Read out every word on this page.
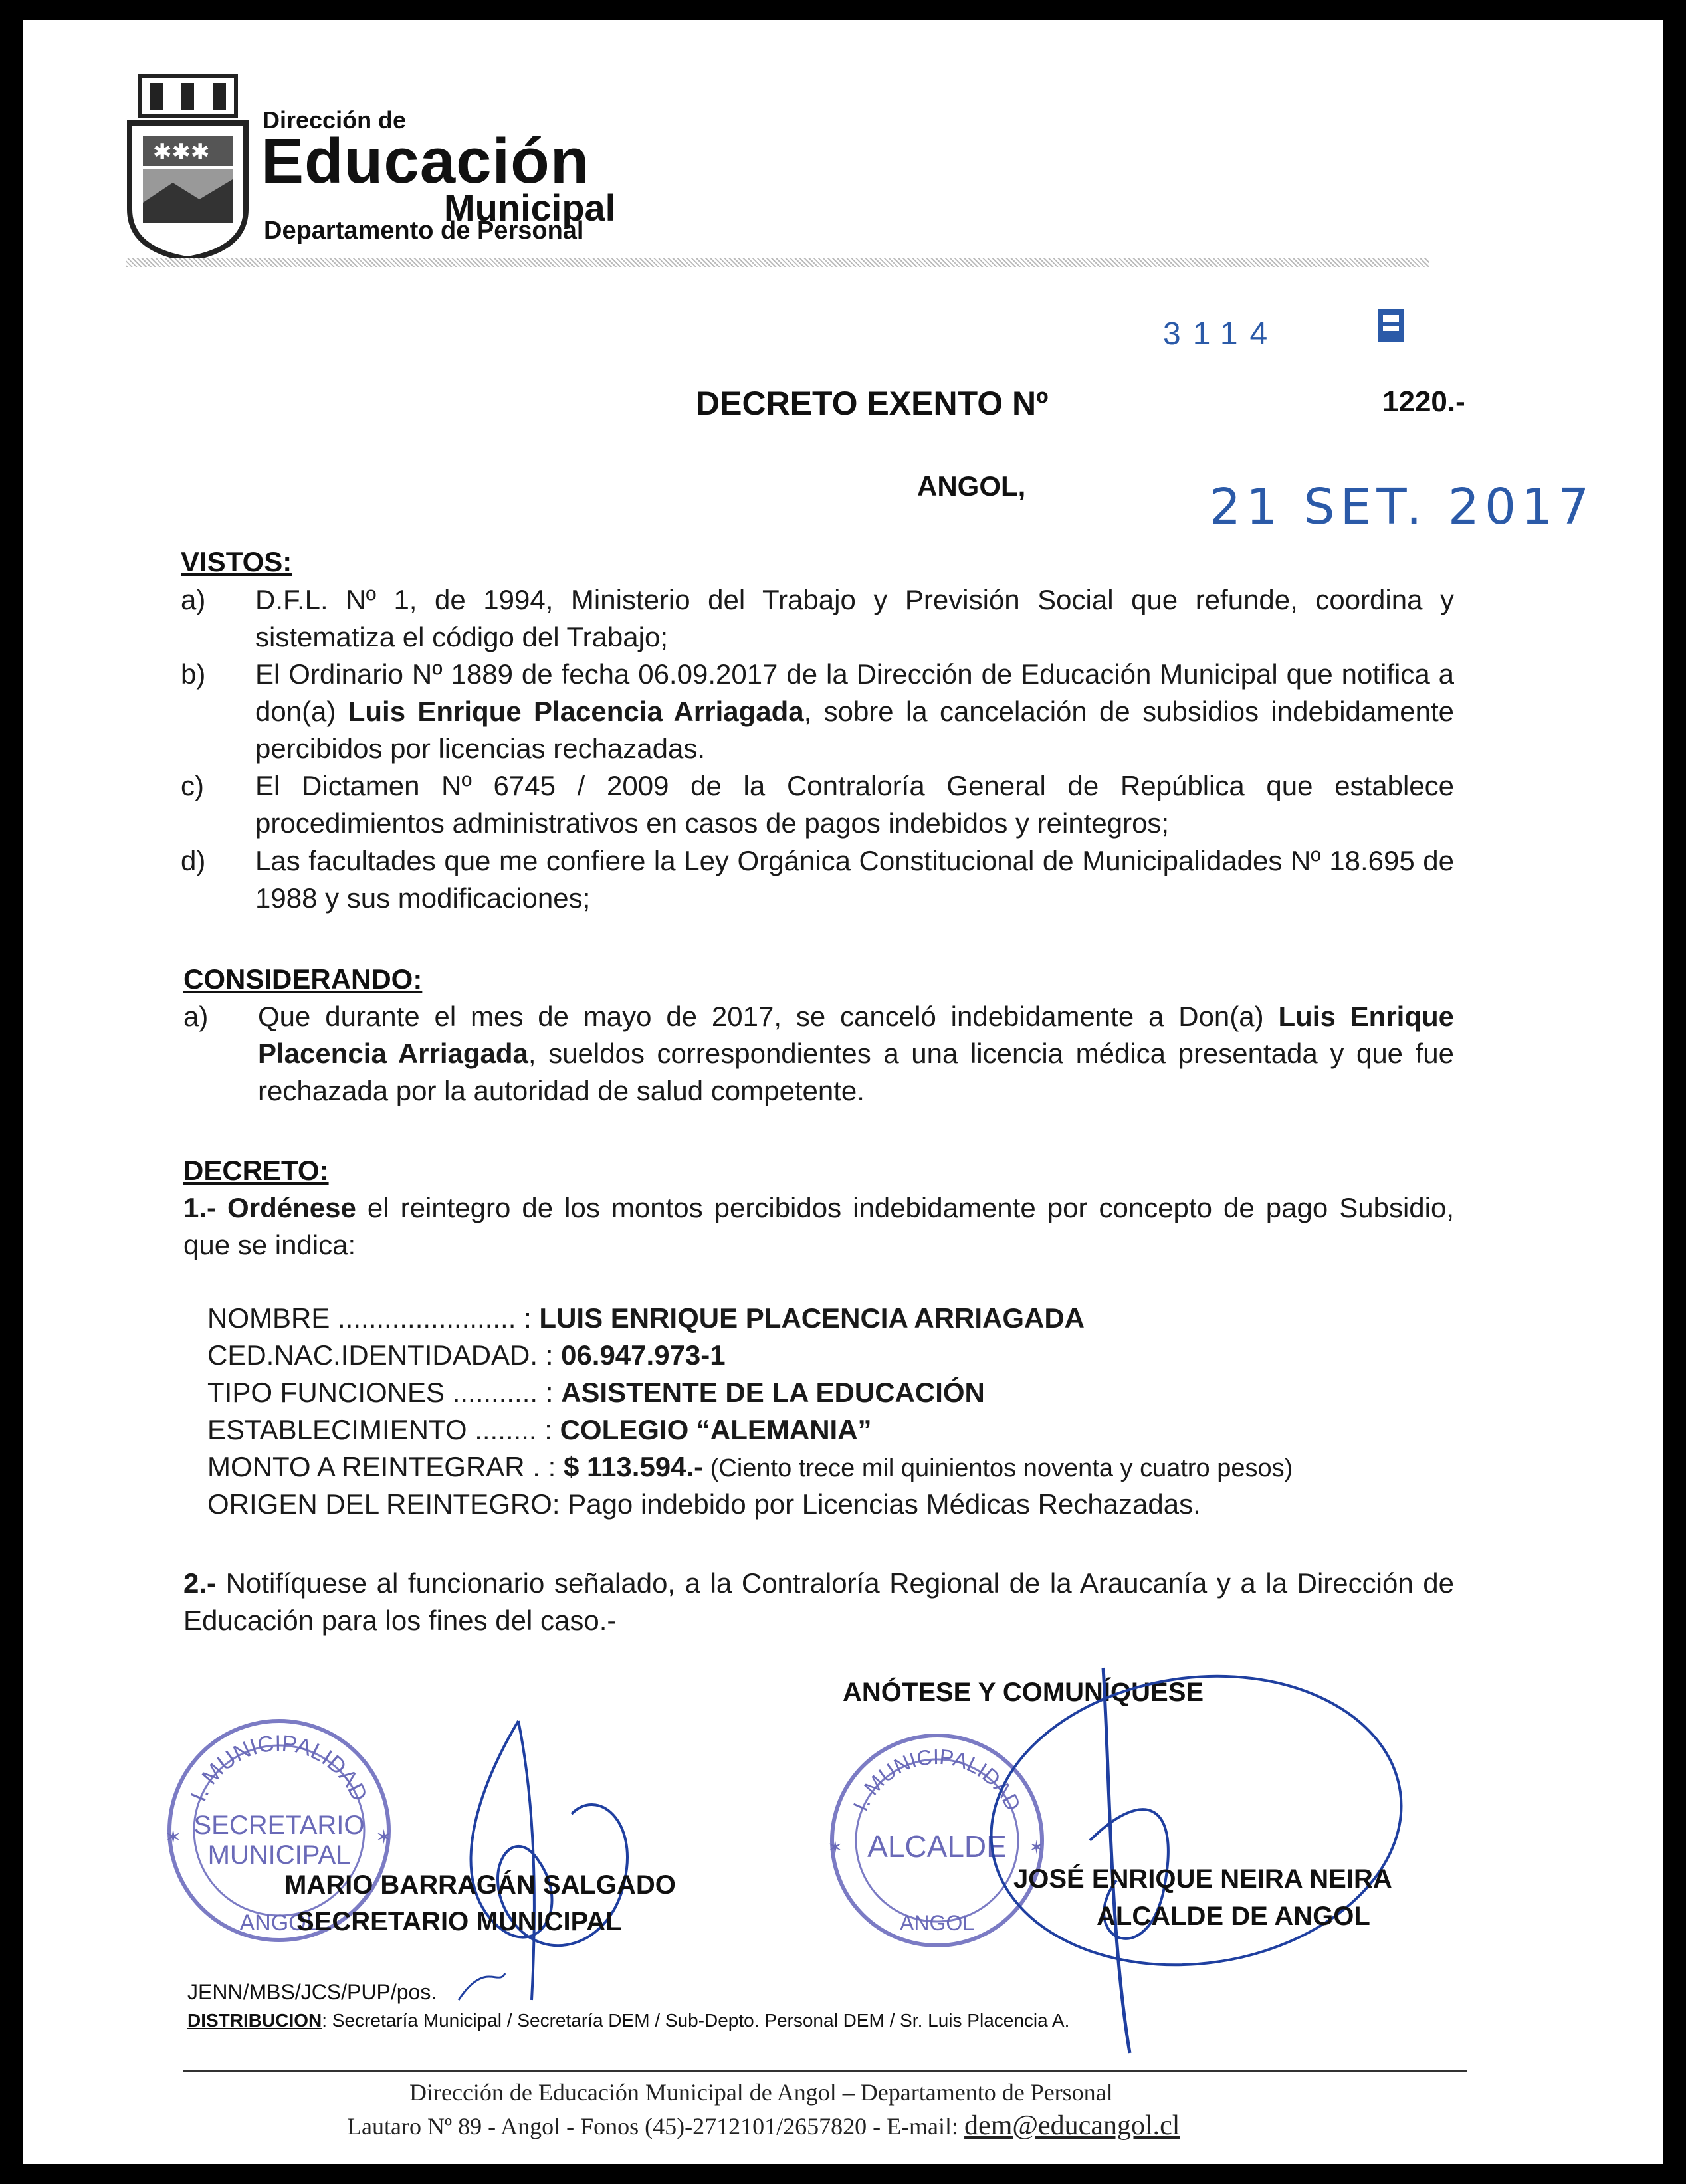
✱✱✱
Dirección de
Educación
Municipal
Departamento de Personal
3114
DECRETO EXENTO Nº	1220.-
ANGOL,	21 SET. 2017
VISTOS:
a) D.F.L. Nº 1, de 1994, Ministerio del Trabajo y Previsión Social que refunde, coordina y sistematiza el código del Trabajo;
b) El Ordinario Nº 1889 de fecha 06.09.2017 de la Dirección de Educación Municipal que notifica a don(a) Luis Enrique Placencia Arriagada, sobre la cancelación de subsidios indebidamente percibidos por licencias rechazadas.
c) El Dictamen Nº 6745 / 2009 de la Contraloría General de República que establece procedimientos administrativos en casos de pagos indebidos y reintegros;
d) Las facultades que me confiere la Ley Orgánica Constitucional de Municipalidades Nº 18.695 de 1988 y sus modificaciones;
CONSIDERANDO:
a) Que durante el mes de mayo de 2017, se canceló indebidamente a Don(a) Luis Enrique Placencia Arriagada, sueldos correspondientes a una licencia médica presentada y que fue rechazada por la autoridad de salud competente.
DECRETO:
1.- Ordénese el reintegro de los montos percibidos indebidamente por concepto de pago Subsidio, que se indica:
NOMBRE ....................... : LUIS ENRIQUE PLACENCIA ARRIAGADA
CED.NAC.IDENTIDADAD. : 06.947.973-1
TIPO FUNCIONES ........... : ASISTENTE DE LA EDUCACIÓN
ESTABLECIMIENTO ........ : COLEGIO “ALEMANIA”
MONTO A REINTEGRAR . : $ 113.594.- (Ciento trece mil quinientos noventa y cuatro pesos)
ORIGEN DEL REINTEGRO: Pago indebido por Licencias Médicas Rechazadas.
2.- Notifíquese al funcionario señalado, a la Contraloría Regional de la Araucanía y a la Dirección de Educación para los fines del caso.-
ANÓTESE Y COMUNÍQUESE
I. MUNICIPALIDAD
SECRETARIO
MUNICIPAL
ANGOL
✶	✶
I. MUNICIPALIDAD
ALCALDE
ANGOL
✶	✶
MARIO BARRAGÁN SALGADO
SECRETARIO MUNICIPAL
JOSÉ ENRIQUE NEIRA NEIRA
ALCALDE DE ANGOL
JENN/MBS/JCS/PUP/pos.
DISTRIBUCION: Secretaría Municipal / Secretaría DEM / Sub-Depto. Personal DEM / Sr. Luis Placencia A.
Dirección de Educación Municipal de Angol – Departamento de Personal
Lautaro Nº 89 - Angol - Fonos (45)-2712101/2657820 - E-mail: dem@educangol.cl
